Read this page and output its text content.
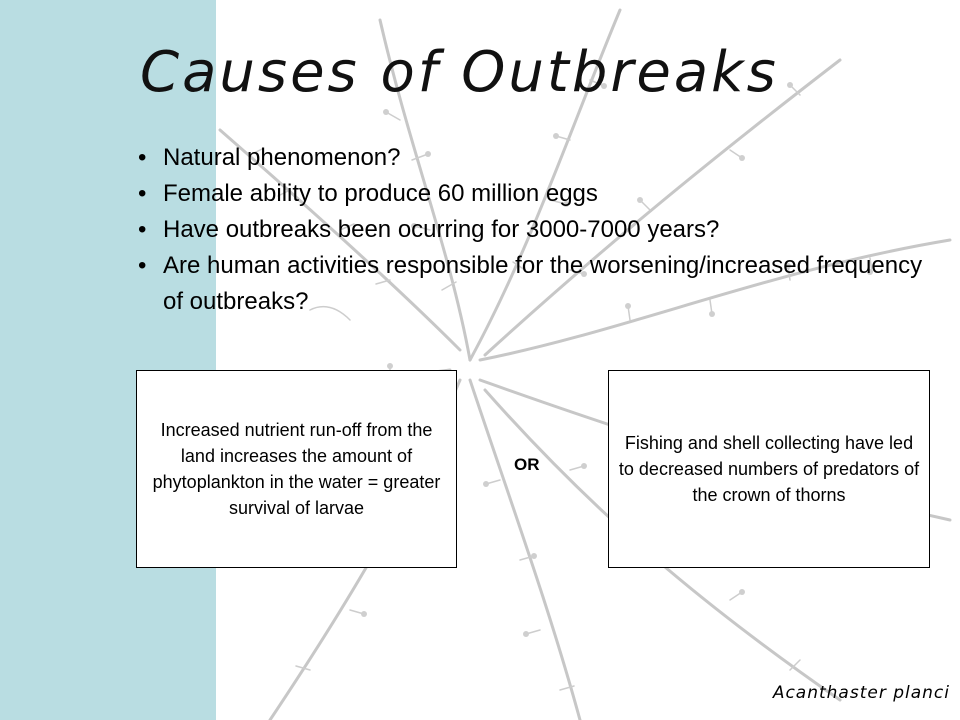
Causes of Outbreaks
• Natural phenomenon?
• Female ability to produce 60 million eggs
• Have outbreaks been ocurring for 3000-7000 years?
• Are human activities responsible for the worsening/increased frequency of outbreaks?
Increased nutrient run-off from the land increases the amount of phytoplankton in the water = greater survival of larvae
OR
Fishing and shell collecting have led to decreased numbers of predators of the crown of thorns
Acanthaster planci
